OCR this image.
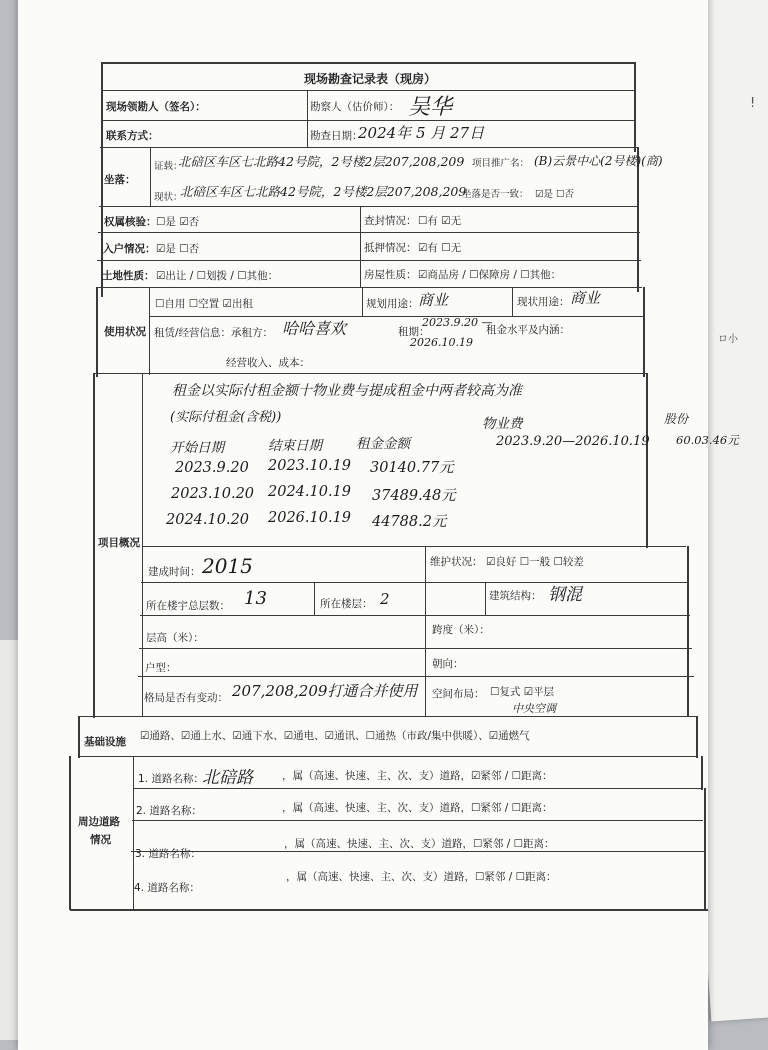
ロ小
!
现场勘查记录表（现房）
现场领勘人（签名）：	勘察人（估价师）： 吴华
联系方式：	勘查日期：
2024年 5 月 27日
坐落：
证载：
北碚区车区七北路42号院，2号楼2层207,208,209 项目推广名： (B)云景中心(2号楼)(商)
现状：
北碚区车区七北路42号院，2号楼2层207,208,209
坐落是否一致： ☑是 ☐否
权属核验： ☐是 ☑否	查封情况： ☐有 ☑无
入户情况： ☑是 ☐否	抵押情况： ☑有 ☐无
土地性质： ☑出让 / ☐划拨 / ☐其他：	房屋性质： ☑商品房 / ☐保障房 / ☐其他：
使用状况
☐自用 ☐空置 ☑出租	规划用途： 商业	现状用途： 商业
租赁/经营信息：承租方： 哈哈喜欢	租期：
2023.9.20 —
2026.10.19
租金水平及内涵：
经营收入、成本：
项目概况
租金以实际付租金额十物业费与提成租金中两者较高为准
(实际付租金(含税))
开始日期	结束日期	租金金额
物业费
2023.9.20—2026.10.19
股份
60.03.46元
2023.9.20 2023.10.19 30140.77元
2023.10.20 2024.10.19 37489.48元
2024.10.20 2026.10.19 44788.2元
建成时间： 2015	维护状况： ☑良好 ☐一般 ☐较差
所在楼宇总层数： 13	所在楼层： 2	建筑结构： 钢混
层高（米）：
跨度（米）：
户型：	朝向：
格局是否有变动： 207,208,209打通合并使用 空间布局： ☐复式 ☑平层
基础设施 ☑通路、☑通上水、☑通下水、☑通电、☑通讯、☐通热（市政/集中供暖）、☑通燃气
中央空调
周边道路
情况
1. 道路名称：
北碚路	，属（高速、快速、主、次、支）道路，☑紧邻 / ☐距离：
2. 道路名称：	，属（高速、快速、主、次、支）道路，☐紧邻 / ☐距离：
3. 道路名称：
，属（高速、快速、主、次、支）道路，☐紧邻 / ☐距离：
4. 道路名称：
，属（高速、快速、主、次、支）道路，☐紧邻 / ☐距离：
